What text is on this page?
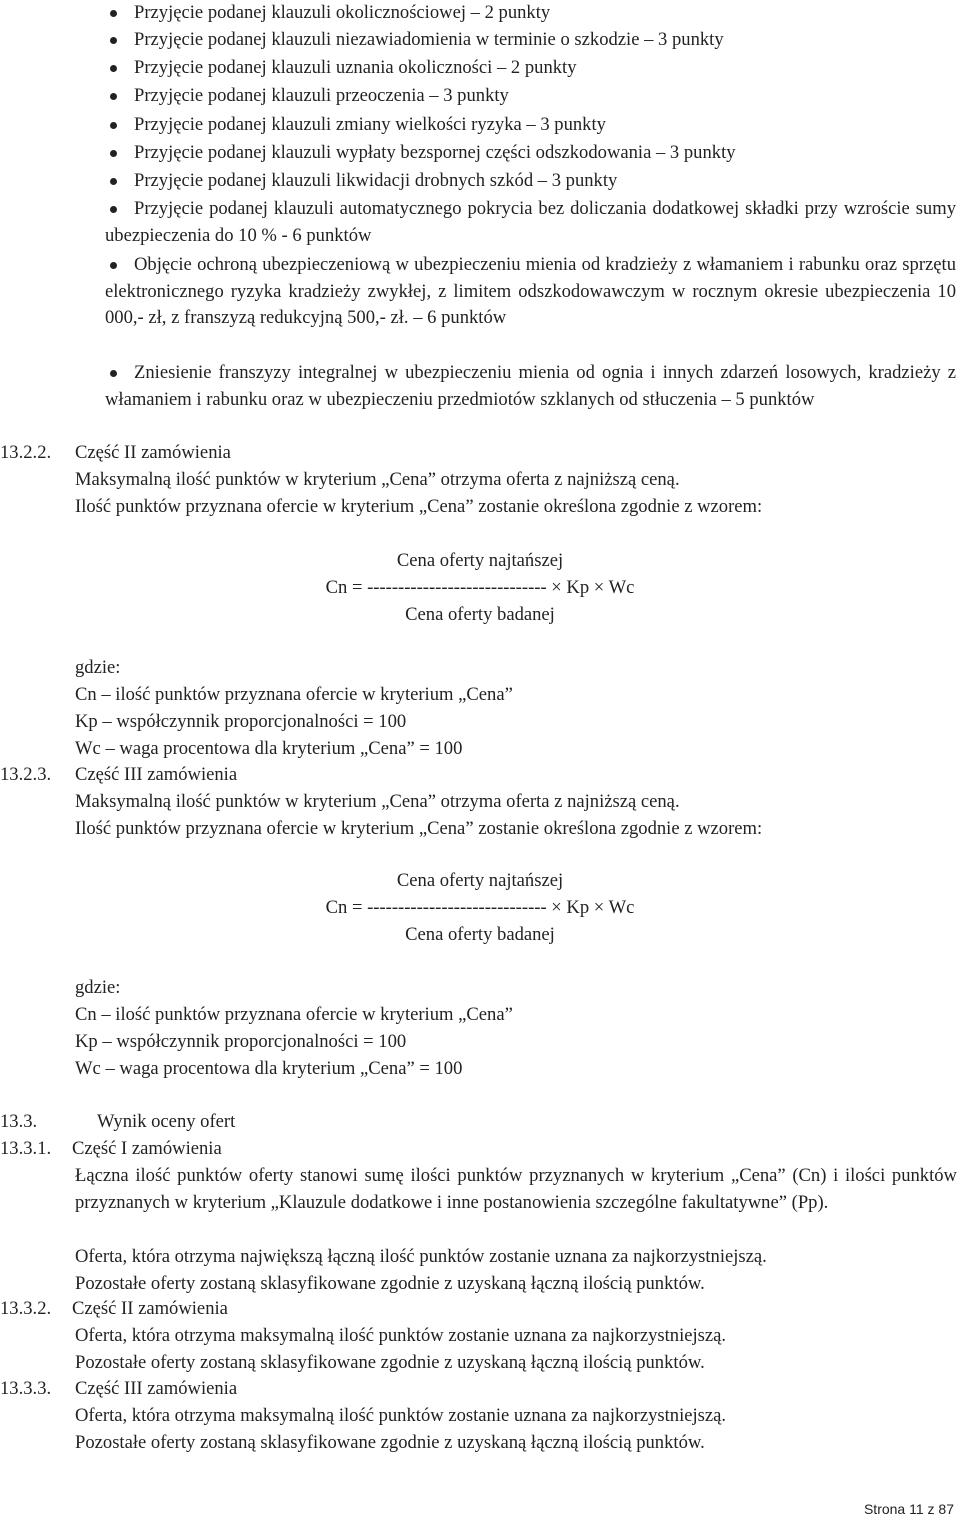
Przyjęcie podanej klauzuli okolicznościowej – 2 punkty
Przyjęcie podanej klauzuli niezawiadomienia w terminie o szkodzie – 3 punkty
Przyjęcie podanej klauzuli uznania okoliczności – 2 punkty
Przyjęcie podanej klauzuli przeoczenia – 3 punkty
Przyjęcie podanej klauzuli zmiany wielkości ryzyka – 3 punkty
Przyjęcie podanej klauzuli wypłaty bezspornej części odszkodowania – 3 punkty
Przyjęcie podanej klauzuli likwidacji drobnych szkód – 3 punkty

Przyjęcie podanej klauzuli automatycznego pokrycia bez doliczania dodatkowej składki przy wzroście sumy ubezpieczenia do 10 % - 6 punktów

Objęcie ochroną ubezpieczeniową w ubezpieczeniu mienia od kradzieży z włamaniem i rabunku oraz sprzętu elektronicznego ryzyka kradzieży zwykłej, z limitem odszkodowawczym w rocznym okresie ubezpieczenia 10 000,- zł, z franszyzą redukcyjną 500,- zł. – 6 punktów

Zniesienie franszyzy integralnej w ubezpieczeniu mienia od ognia i innych zdarzeń losowych, kradzieży z włamaniem i rabunku oraz w ubezpieczeniu przedmiotów szklanych od stłuczenia – 5 punktów

13.2.2. Część II zamówienia

Maksymalną ilość punktów w kryterium „Cena” otrzyma oferta z najniższą ceną.

Ilość punktów przyznana ofercie w kryterium „Cena” zostanie określona zgodnie z wzorem:

Cena oferty najtańszej
Cn = ----------------------------- × Kp × Wc
Cena oferty badanej

gdzie:

Cn – ilość punktów przyznana ofercie w kryterium „Cena”

Kp – współczynnik proporcjonalności = 100

Wc – waga procentowa dla kryterium „Cena” = 100

13.2.3. Część III zamówienia

Maksymalną ilość punktów w kryterium „Cena” otrzyma oferta z najniższą ceną.

Ilość punktów przyznana ofercie w kryterium „Cena” zostanie określona zgodnie z wzorem:

Cena oferty najtańszej
Cn = ----------------------------- × Kp × Wc
Cena oferty badanej

gdzie:

Cn – ilość punktów przyznana ofercie w kryterium „Cena”

Kp – współczynnik proporcjonalności = 100

Wc – waga procentowa dla kryterium „Cena” = 100

13.3.	Wynik oceny ofert
13.3.1. Część I zamówienia

Łączna ilość punktów oferty stanowi sumę ilości punktów przyznanych w kryterium „Cena” (Cn) i ilości punktów przyznanych w kryterium „Klauzule dodatkowe i inne postanowienia szczególne fakultatywne” (Pp).

Oferta, która otrzyma największą łączną ilość punktów zostanie uznana za najkorzystniejszą.

Pozostałe oferty zostaną sklasyfikowane zgodnie z uzyskaną łączną ilością punktów.

13.3.2. Część II zamówienia

Oferta, która otrzyma maksymalną ilość punktów zostanie uznana za najkorzystniejszą.

Pozostałe oferty zostaną sklasyfikowane zgodnie z uzyskaną łączną ilością punktów.

13.3.3. Część III zamówienia

Oferta, która otrzyma maksymalną ilość punktów zostanie uznana za najkorzystniejszą.

Pozostałe oferty zostaną sklasyfikowane zgodnie z uzyskaną łączną ilością punktów.

Strona 11 z 87
